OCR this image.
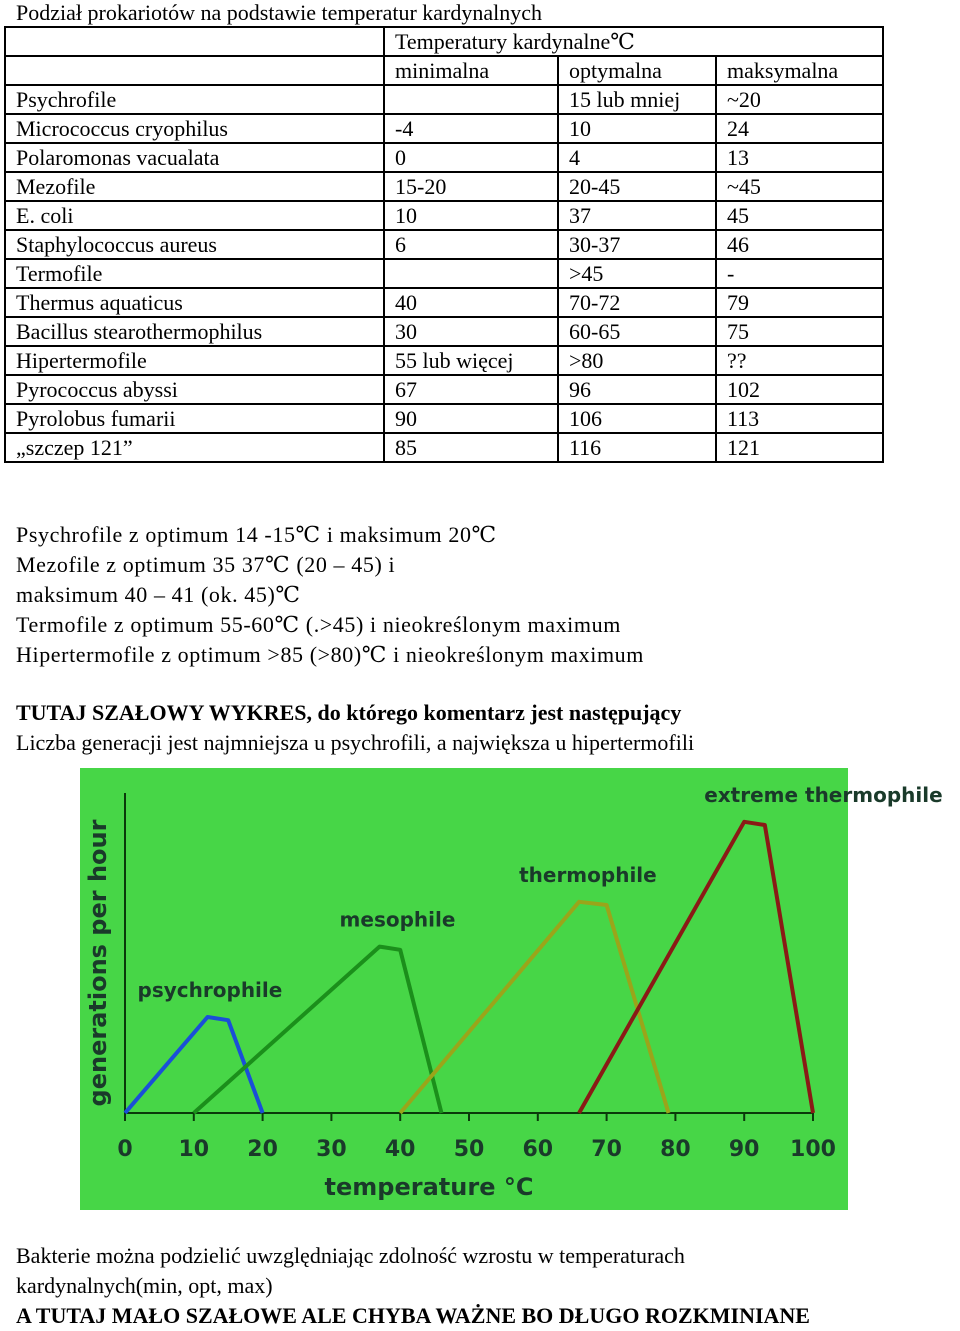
Podział prokariotów na podstawie temperatur kardynalnych
	Temperatury kardynalne℃		
	minimalna	optymalna	maksymalna
Psychrofile		15 lub mniej	~20
Micrococcus cryophilus	-4	10	24
Polaromonas vacualata	0	4	13
Mezofile	15-20	20-45	~45
E. coli	10	37	45
Staphylococcus aureus	6	30-37	46
Termofile		>45	-
Thermus aquaticus	40	70-72	79
Bacillus stearothermophilus	30	60-65	75
Hipertermofile	55 lub więcej	>80	??
Pyrococcus abyssi	67	96	102
Pyrolobus fumarii	90	106	113
„szczep 121”	85	116	121
Psychrofile z optimum 14 -15℃ i maksimum 20℃
Mezofile z optimum 35 37℃ (20 – 45) i
maksimum 40 – 41 (ok. 45)℃
Termofile z optimum 55-60℃ (.>45) i nieokreślonym maximum
Hipertermofile z optimum >85 (>80)℃ i nieokreślonym maximum
TUTAJ SZAŁOWY WYKRES, do którego komentarz jest następujący
Liczba generacji jest najmniejsza u psychrofili, a największa u hipertermofili
0 10 20 30 40 50 60 70 80 90 100
temperature °C
generations per hour psychrophile
mesophile
thermophile
extreme thermophile
Bakterie można podzielić uwzględniając zdolność wzrostu w temperaturach
kardynalnych(min, opt, max)
A TUTAJ MAŁO SZAŁOWE ALE CHYBA WAŻNE BO DŁUGO ROZKMINIANE
